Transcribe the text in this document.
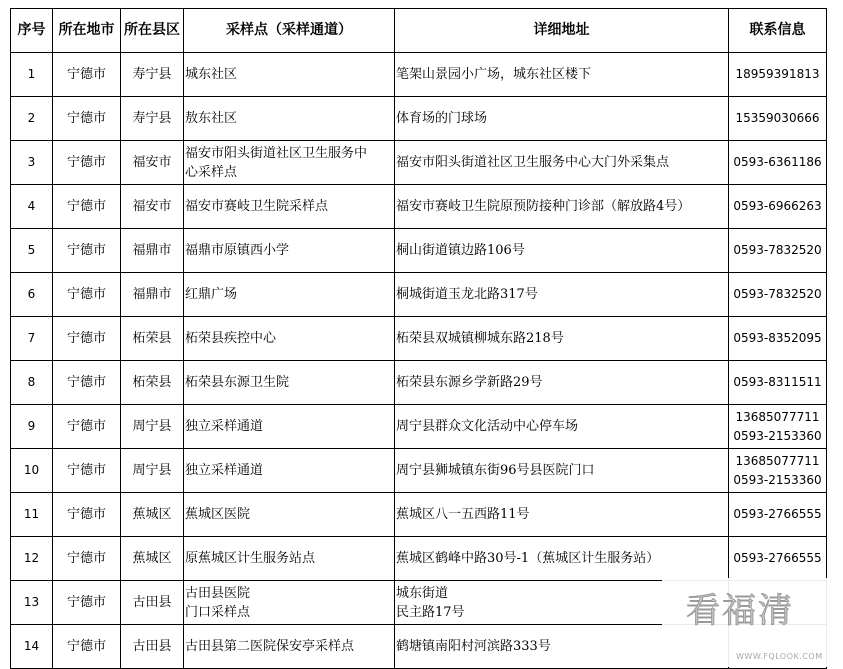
序号	所在地市	所在县区	采样点（采样通道）	详细地址	联系信息
1	宁德市	寿宁县	城东社区	笔架山景园小广场，城东社区楼下	18959391813

2	宁德市	寿宁县	敖东社区	体育场的门球场	15359030666

3	宁德市	福安市	福安市阳头街道社区卫生服务中
心采样点	福安市阳头街道社区卫生服务中心大门外采集点	0593-6361186

4	宁德市	福安市	福安市赛岐卫生院采样点	福安市赛岐卫生院原预防接种门诊部（解放路4号）	0593-6966263

5	宁德市	福鼎市	福鼎市原镇西小学	桐山街道镇边路106号	0593-7832520

6	宁德市	福鼎市	红鼎广场	桐城街道玉龙北路317号	0593-7832520

7	宁德市	柘荣县	柘荣县疾控中心	柘荣县双城镇柳城东路218号	0593-8352095

8	宁德市	柘荣县	柘荣县东源卫生院	柘荣县东源乡学新路29号	0593-8311511

9	宁德市	周宁县	独立采样通道	周宁县群众文化活动中心停车场	13685077711
0593-2153360

10	宁德市	周宁县	独立采样通道	周宁县狮城镇东街96号县医院门口	13685077711
0593-2153360

11	宁德市	蕉城区	蕉城区医院	蕉城区八一五西路11号	0593-2766555

12	宁德市	蕉城区	原蕉城区计生服务站点	蕉城区鹤峰中路30号-1（蕉城区计生服务站）	0593-2766555

13	宁德市	古田县	古田县医院
门口采样点	城东街道
民主路17号	

14	宁德市	古田县	古田县第二医院保安亭采样点	鹤塘镇南阳村河滨路333号	

看福清
WWW.FQLOOK.COM
